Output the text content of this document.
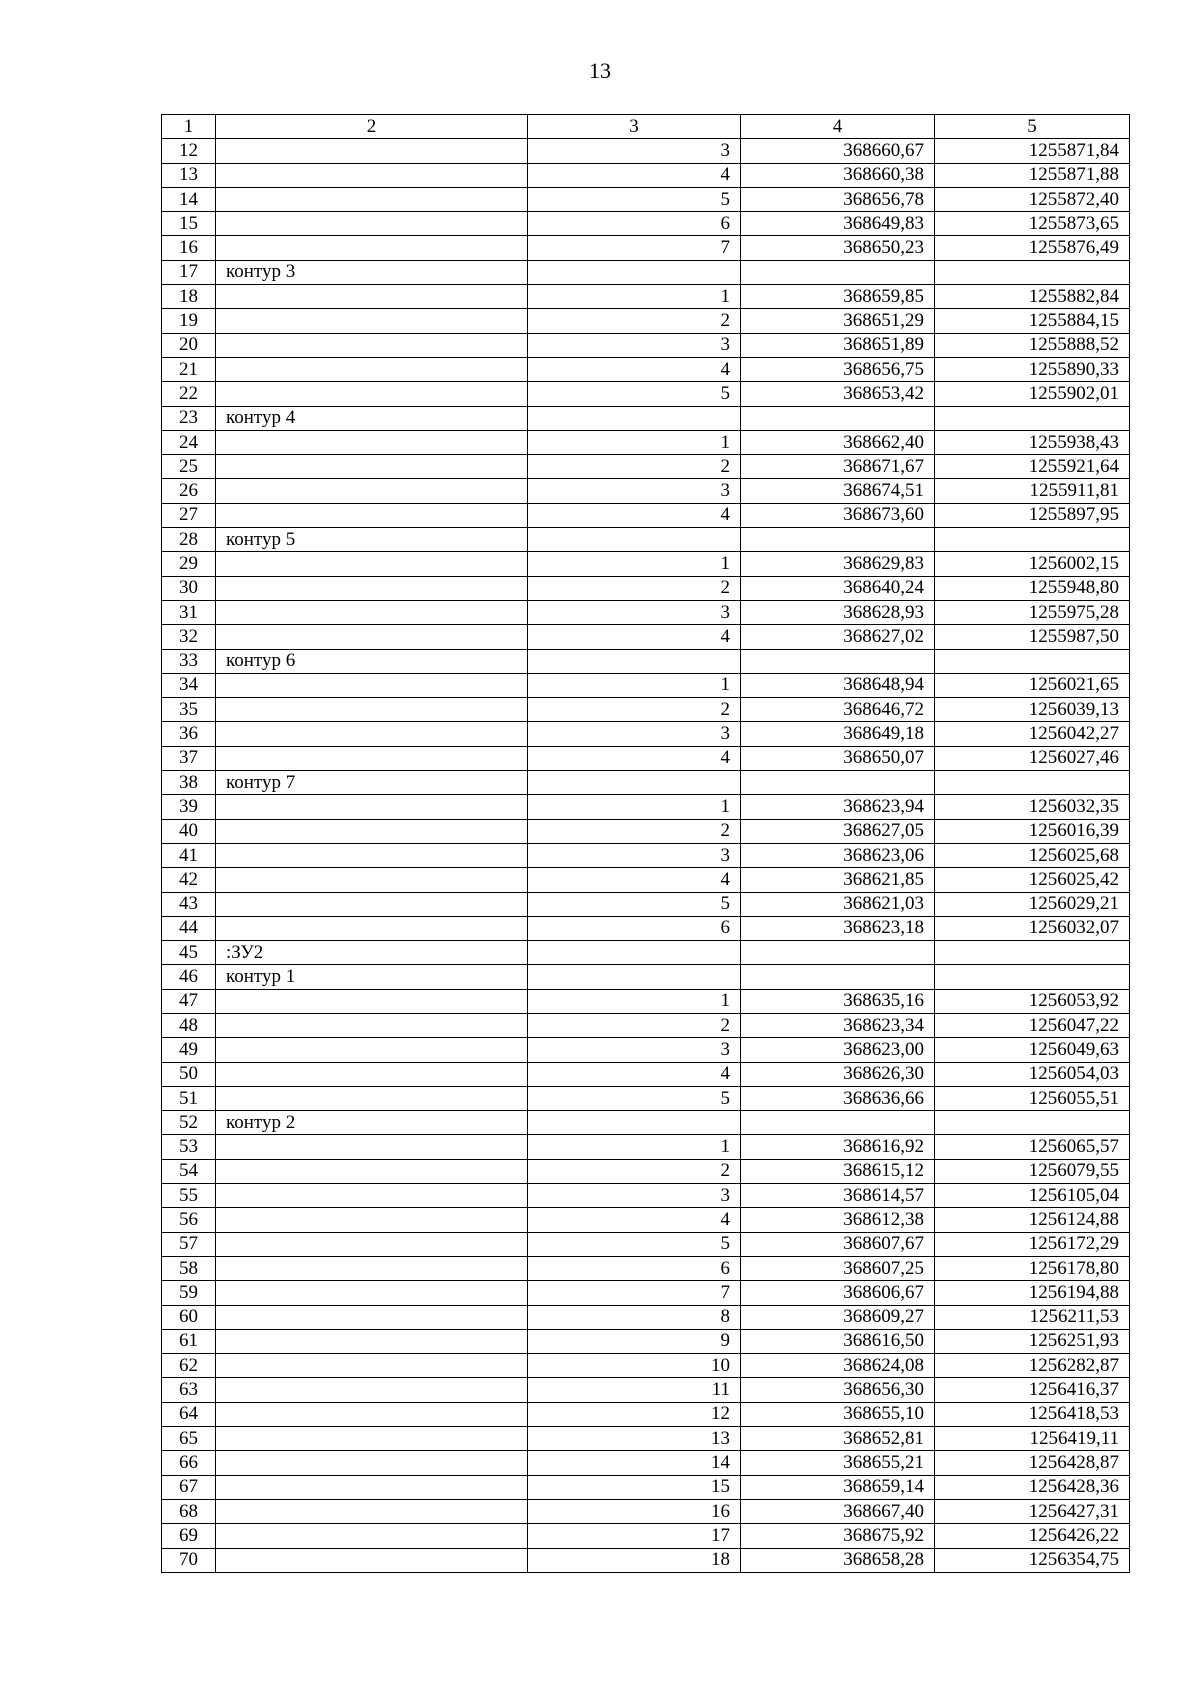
13
1	2	3	4	5
12		3	368660,67	1255871,84
13		4	368660,38	1255871,88
14		5	368656,78	1255872,40
15		6	368649,83	1255873,65
16		7	368650,23	1255876,49
17	контур 3			
18		1	368659,85	1255882,84
19		2	368651,29	1255884,15
20		3	368651,89	1255888,52
21		4	368656,75	1255890,33
22		5	368653,42	1255902,01
23	контур 4			
24		1	368662,40	1255938,43
25		2	368671,67	1255921,64
26		3	368674,51	1255911,81
27		4	368673,60	1255897,95
28	контур 5			
29		1	368629,83	1256002,15
30		2	368640,24	1255948,80
31		3	368628,93	1255975,28
32		4	368627,02	1255987,50
33	контур 6			
34		1	368648,94	1256021,65
35		2	368646,72	1256039,13
36		3	368649,18	1256042,27
37		4	368650,07	1256027,46
38	контур 7			
39		1	368623,94	1256032,35
40		2	368627,05	1256016,39
41		3	368623,06	1256025,68
42		4	368621,85	1256025,42
43		5	368621,03	1256029,21
44		6	368623,18	1256032,07
45	:ЗУ2			
46	контур 1			
47		1	368635,16	1256053,92
48		2	368623,34	1256047,22
49		3	368623,00	1256049,63
50		4	368626,30	1256054,03
51		5	368636,66	1256055,51
52	контур 2			
53		1	368616,92	1256065,57
54		2	368615,12	1256079,55
55		3	368614,57	1256105,04
56		4	368612,38	1256124,88
57		5	368607,67	1256172,29
58		6	368607,25	1256178,80
59		7	368606,67	1256194,88
60		8	368609,27	1256211,53
61		9	368616,50	1256251,93
62		10	368624,08	1256282,87
63		11	368656,30	1256416,37
64		12	368655,10	1256418,53
65		13	368652,81	1256419,11
66		14	368655,21	1256428,87
67		15	368659,14	1256428,36
68		16	368667,40	1256427,31
69		17	368675,92	1256426,22
70		18	368658,28	1256354,75
